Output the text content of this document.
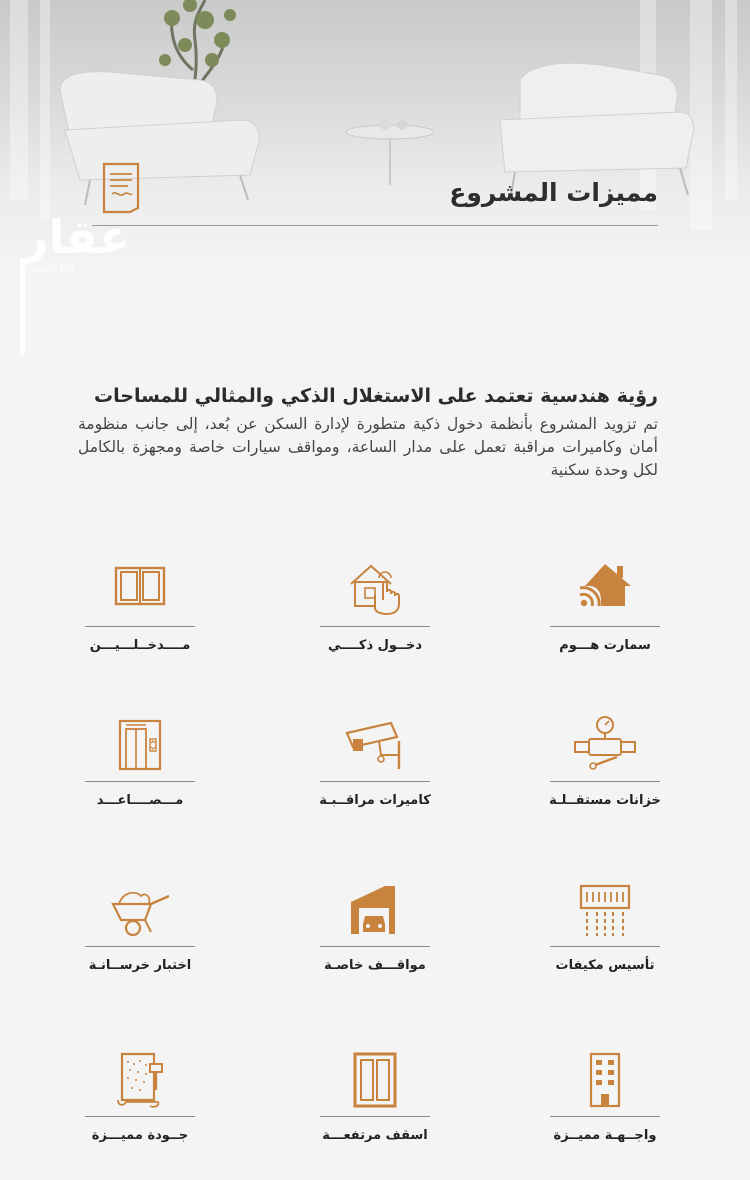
مميزات المشروع
عقار
aqar.fm
رؤية هندسية تعتمد على الاستغلال الذكي والمثالي للمساحات

تم تزويد المشروع بأنظمة دخول ذكية متطورة لإدارة السكن عن بُعد، إلى جانب منظومة أمان وكاميرات مراقبة تعمل على مدار الساعة، ومواقف سيارات خاصة ومجهزة بالكامل لكل وحدة سكنية

سمارت هـــوم
دخــول ذكــــي
مــــدخــلـــيـــن
خزانات مستقــلـة
كاميرات مراقــبـة
مـــصــــاعـــد
تأسيس مكيفات
مواقـــف خاصـة
اختبار خرســانـة
واجــهـة مميــزة
اسقف مرتفعـــة
جــودة مميـــزة
